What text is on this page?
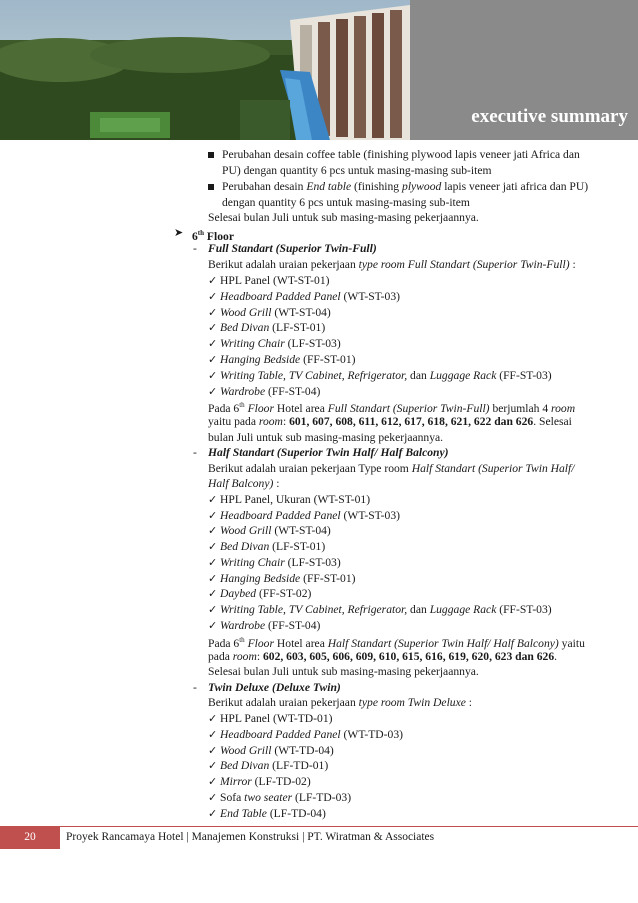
executive summary
Perubahan desain coffee table (finishing plywood lapis veneer jati Africa dan
PU) dengan quantity 6 pcs untuk masing-masing sub-item
Perubahan desain End table (finishing plywood lapis veneer jati africa dan PU)
dengan quantity 6 pcs untuk masing-masing sub-item
Selesai bulan Juli untuk sub masing-masing pekerjaannya.
➤ 6th Floor
- Full Standart (Superior Twin-Full)
Berikut adalah uraian pekerjaan type room Full Standart (Superior Twin-Full) :
✓ HPL Panel (WT-ST-01)
✓ Headboard Padded Panel (WT-ST-03)
✓ Wood Grill (WT-ST-04)
✓ Bed Divan (LF-ST-01)
✓ Writing Chair (LF-ST-03)
✓ Hanging Bedside (FF-ST-01)
✓ Writing Table, TV Cabinet, Refrigerator, dan Luggage Rack (FF-ST-03)
✓ Wardrobe (FF-ST-04)
Pada 6th Floor Hotel area Full Standart (Superior Twin-Full) berjumlah 4 room
yaitu pada room: 601, 607, 608, 611, 612, 617, 618, 621, 622 dan 626. Selesai
bulan Juli untuk sub masing-masing pekerjaannya.
- Half Standart (Superior Twin Half/ Half Balcony)
Berikut adalah uraian pekerjaan Type room Half Standart (Superior Twin Half/
Half Balcony) :
✓ HPL Panel, Ukuran (WT-ST-01)
✓ Headboard Padded Panel (WT-ST-03)
✓ Wood Grill (WT-ST-04)
✓ Bed Divan (LF-ST-01)
✓ Writing Chair (LF-ST-03)
✓ Hanging Bedside (FF-ST-01)
✓ Daybed (FF-ST-02)
✓ Writing Table, TV Cabinet, Refrigerator, dan Luggage Rack (FF-ST-03)
✓ Wardrobe (FF-ST-04)
Pada 6th Floor Hotel area Half Standart (Superior Twin Half/ Half Balcony) yaitu
pada room: 602, 603, 605, 606, 609, 610, 615, 616, 619, 620, 623 dan 626.
Selesai bulan Juli untuk sub masing-masing pekerjaannya.
- Twin Deluxe (Deluxe Twin)
Berikut adalah uraian pekerjaan type room Twin Deluxe :
✓ HPL Panel (WT-TD-01)
✓ Headboard Padded Panel (WT-TD-03)
✓ Wood Grill (WT-TD-04)
✓ Bed Divan (LF-TD-01)
✓ Mirror (LF-TD-02)
✓ Sofa two seater (LF-TD-03)
✓ End Table (LF-TD-04)
20	Proyek Rancamaya Hotel | Manajemen Konstruksi | PT. Wiratman & Associates
